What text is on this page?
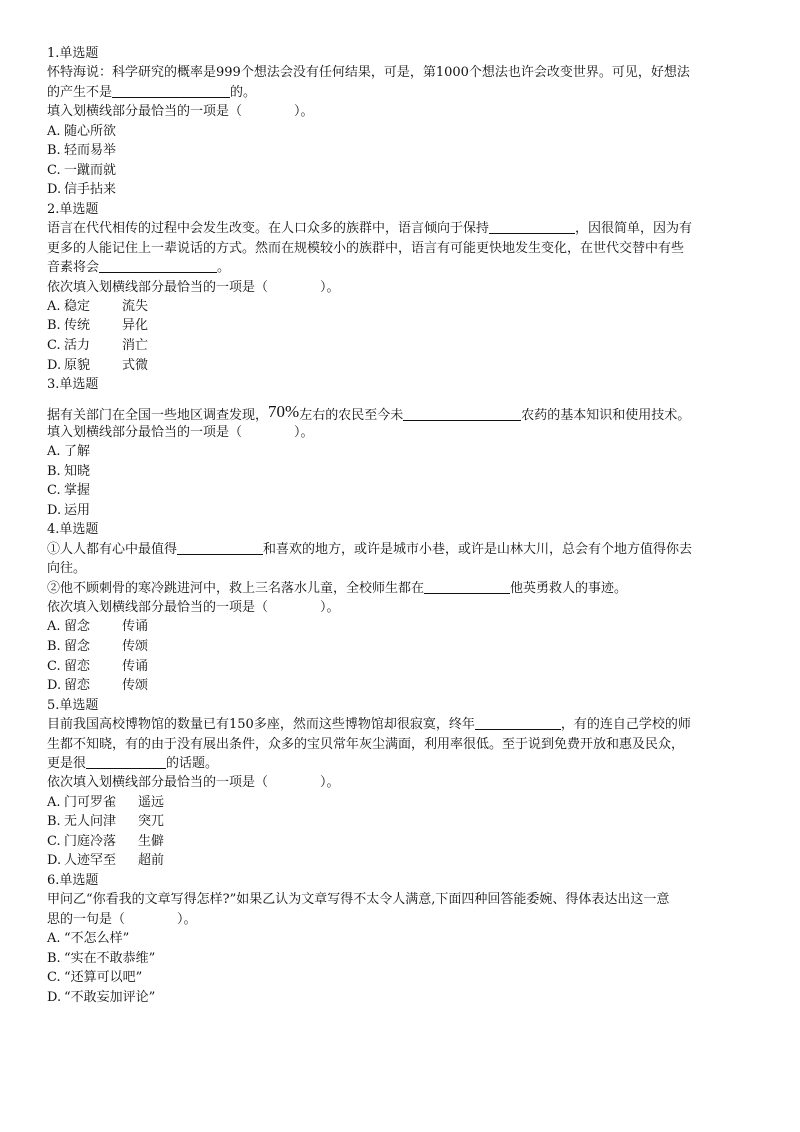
1.单选题
怀特海说：科学研究的概率是999个想法会没有任何结果，可是，第1000个想法也许会改变世界。可见，好想法
的产生不是	的。
填入划横线部分最恰当的一项是（　　　　）。
A. 随心所欲
B. 轻而易举
C. 一蹴而就
D. 信手拈来
2.单选题
语言在代代相传的过程中会发生改变。在人口众多的族群中，语言倾向于保持	，因很简单，因为有
更多的人能记住上一辈说话的方式。然而在规模较小的族群中，语言有可能更快地发生变化，在世代交替中有些
音素将会	。
依次填入划横线部分最恰当的一项是（　　　　）。
A. 稳定	流失
B. 传统	异化
C. 活力	消亡
D. 原貌	式微
3.单选题
据有关部门在全国一些地区调查发现，70%左右的农民至今未	农药的基本知识和使用技术。
填入划横线部分最恰当的一项是（　　　　）。
A. 了解
B. 知晓
C. 掌握
D. 运用
4.单选题
①人人都有心中最值得	和喜欢的地方，或许是城市小巷，或许是山林大川，总会有个地方值得你去
向往。
②他不顾刺骨的寒冷跳进河中，救上三名落水儿童，全校师生都在	他英勇救人的事迹。
依次填入划横线部分最恰当的一项是（　　　　）。
A. 留念	传诵
B. 留念	传颂
C. 留恋	传诵
D. 留恋	传颂
5.单选题
目前我国高校博物馆的数量已有150多座，然而这些博物馆却很寂寞，终年	，有的连自己学校的师
生都不知晓，有的由于没有展出条件，众多的宝贝常年灰尘满面，利用率很低。至于说到免费开放和惠及民众，
更是很	的话题。
依次填入划横线部分最恰当的一项是（　　　　）。
A. 门可罗雀	遥远
B. 无人问津	突兀
C. 门庭冷落	生僻
D. 人迹罕至	超前
6.单选题
甲问乙“你看我的文章写得怎样?”如果乙认为文章写得不太令人满意,下面四种回答能委婉、得体表达出这一意
思的一句是（　　　　）。
A. “不怎么样”
B. “实在不敢恭维”
C. “还算可以吧”
D. “不敢妄加评论”
